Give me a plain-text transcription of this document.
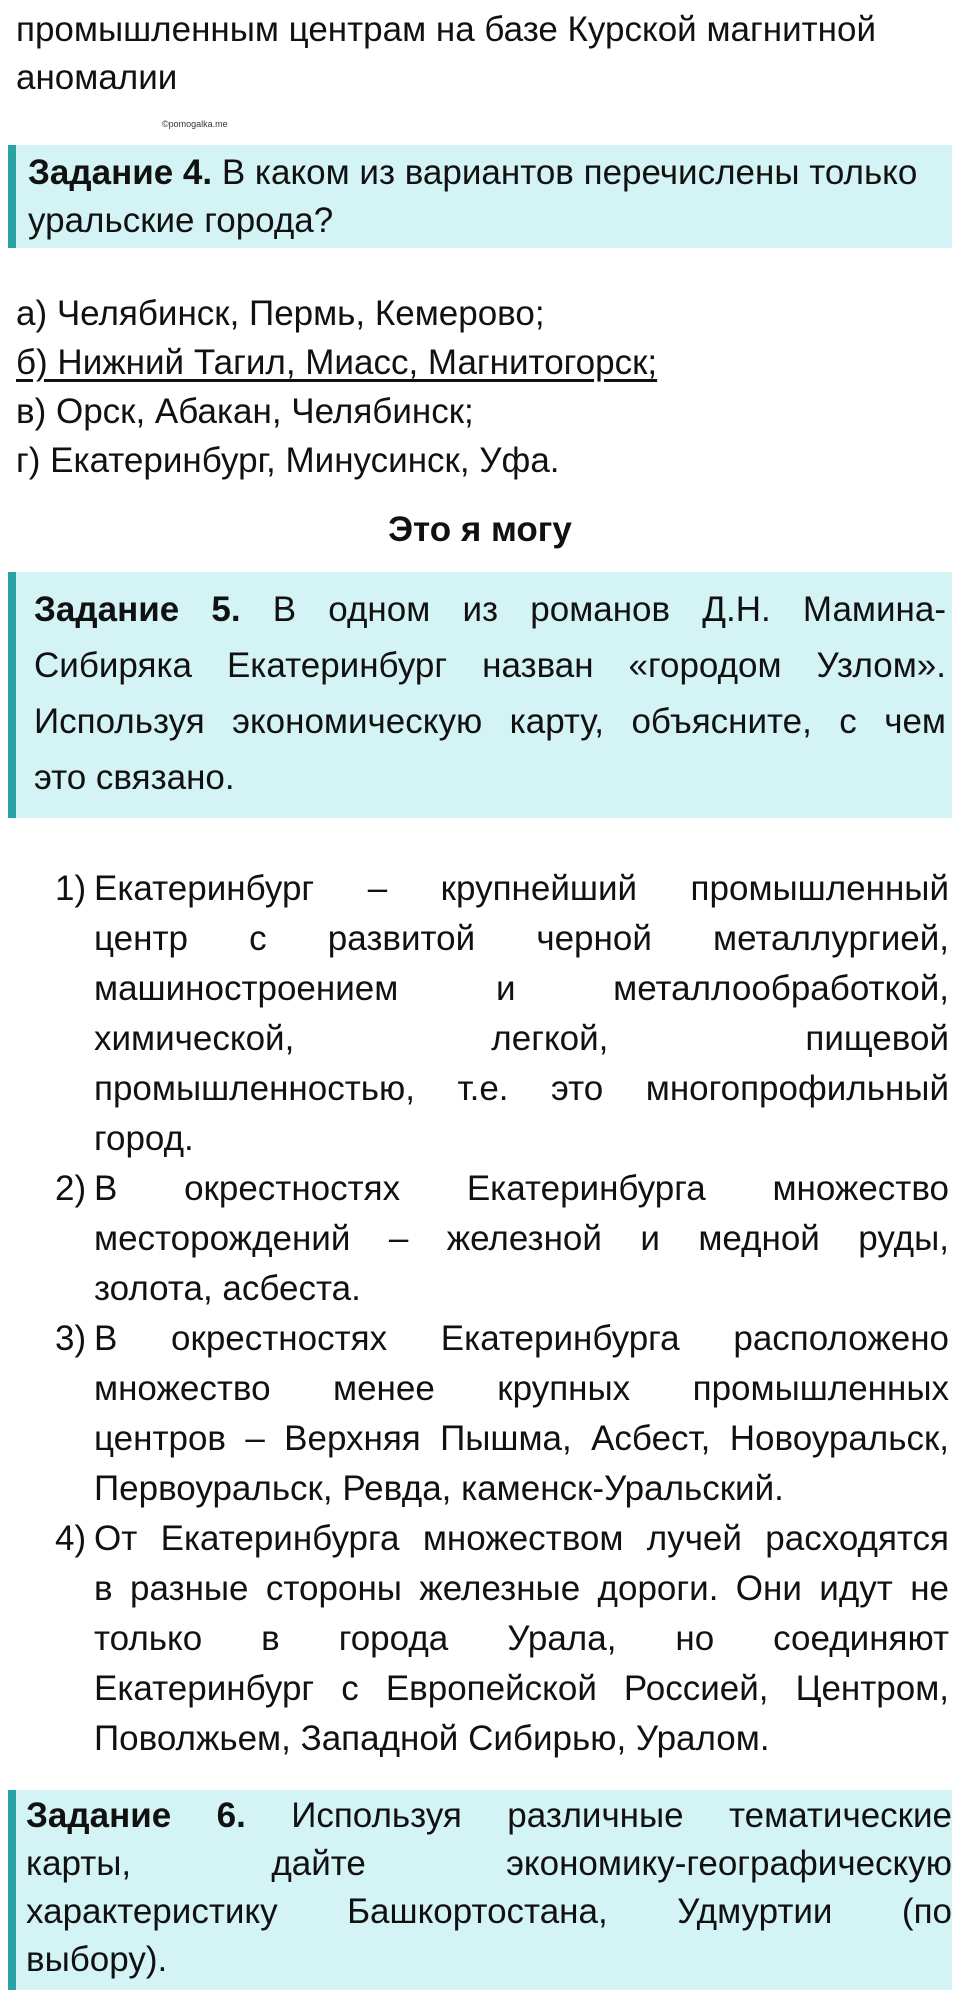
промышленным центрам на базе Курской магнитной
аномалии
©pomogalka.me
Задание 4. В каком из вариантов перечислены только
уральские города?
а) Челябинск, Пермь, Кемерово;
б) Нижний Тагил, Миасс, Магнитогорск;
в) Орск, Абакан, Челябинск;
г) Екатеринбург, Минусинск, Уфа.
Это я могу
Задание 5. В одном из романов Д.Н. Мамина-
Сибиряка Екатеринбург назван «городом Узлом».
Используя экономическую карту, объясните, с чем
это связано.
1) Екатеринбург – крупнейший промышленный
центр с развитой черной металлургией,
машиностроением и металлообработкой,
химической, легкой, пищевой
промышленностью, т.е. это многопрофильный
город.
2) В окрестностях Екатеринбурга множество
месторождений – железной и медной руды,
золота, асбеста.
3) В окрестностях Екатеринбурга расположено
множество менее крупных промышленных
центров – Верхняя Пышма, Асбест, Новоуральск,
Первоуральск, Ревда, каменск-Уральский.
4) От Екатеринбурга множеством лучей расходятся
в разные стороны железные дороги. Они идут не
только в города Урала, но соединяют
Екатеринбург с Европейской Россией, Центром,
Поволжьем, Западной Сибирью, Уралом.
Задание 6. Используя различные тематические
карты, дайте экономику-географическую
характеристику Башкортостана, Удмуртии (по
выбору).
